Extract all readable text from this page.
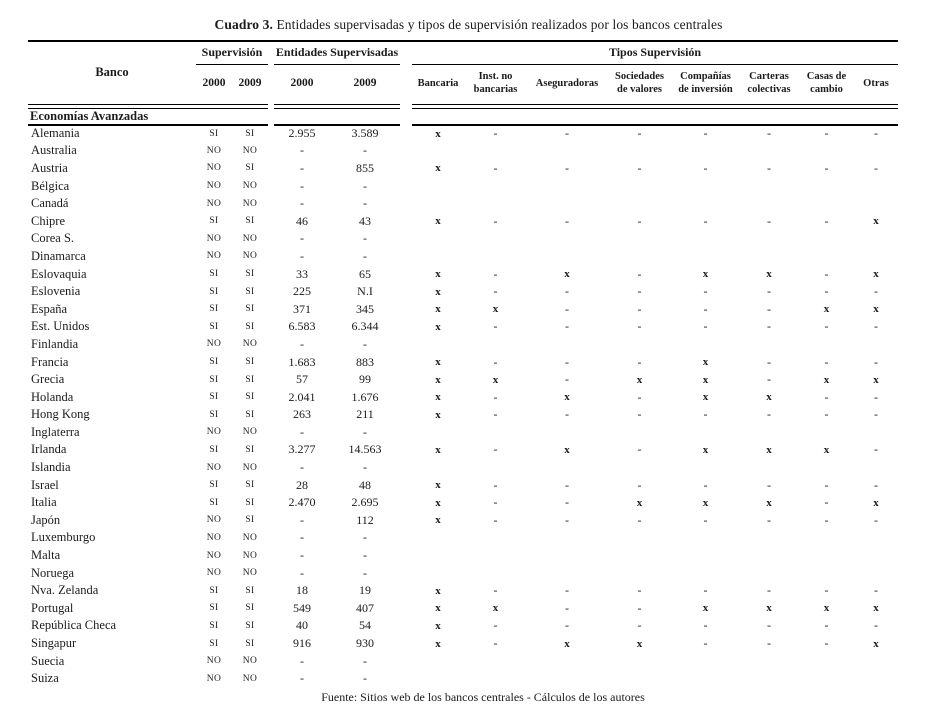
Cuadro 3. Entidades supervisadas y tipos de supervisión realizados por los bancos centrales
Banco	Supervisión			Entidades Supervisadas			Tipos Supervisión							
	2000	2009		2000	2009		Bancaria	Inst. no bancarias	Aseguradoras	Sociedades de valores	Compañías de inversión	Carteras colectivas	Casas de cambio	Otras

Economías Avanzadas														
Alemania	SI	SI		2.955	3.589		x	-	-	-	-	-	-	-
Australia	NO	NO		-	-									
Austria	NO	SI		-	855		x	-	-	-	-	-	-	-
Bélgica	NO	NO		-	-									
Canadá	NO	NO		-	-									
Chipre	SI	SI		46	43		x	-	-	-	-	-	-	x
Corea S.	NO	NO		-	-									
Dinamarca	NO	NO		-	-									
Eslovaquia	SI	SI		33	65		x	-	x	-	x	x	-	x
Eslovenia	SI	SI		225	N.I		x	-	-	-	-	-	-	-
España	SI	SI		371	345		x	x	-	-	-	-	x	x
Est. Unidos	SI	SI		6.583	6.344		x	-	-	-	-	-	-	-
Finlandia	NO	NO		-	-									
Francia	SI	SI		1.683	883		x	-	-	-	x	-	-	-
Grecia	SI	SI		57	99		x	x	-	x	x	-	x	x
Holanda	SI	SI		2.041	1.676		x	-	x	-	x	x	-	-
Hong Kong	SI	SI		263	211		x	-	-	-	-	-	-	-
Inglaterra	NO	NO		-	-									
Irlanda	SI	SI		3.277	14.563		x	-	x	-	x	x	x	-
Islandia	NO	NO		-	-									
Israel	SI	SI		28	48		x	-	-	-	-	-	-	-
Italia	SI	SI		2.470	2.695		x	-	-	x	x	x	-	x
Japón	NO	SI		-	112		x	-	-	-	-	-	-	-
Luxemburgo	NO	NO		-	-									
Malta	NO	NO		-	-									
Noruega	NO	NO		-	-									
Nva. Zelanda	SI	SI		18	19		x	-	-	-	-	-	-	-
Portugal	SI	SI		549	407		x	x	-	-	x	x	x	x
República Checa	SI	SI		40	54		x	-	-	-	-	-	-	-
Singapur	SI	SI		916	930		x	-	x	x	-	-	-	x
Suecia	NO	NO		-	-									
Suiza	NO	NO		-	-									
Fuente: Sitios web de los bancos centrales - Cálculos de los autores
